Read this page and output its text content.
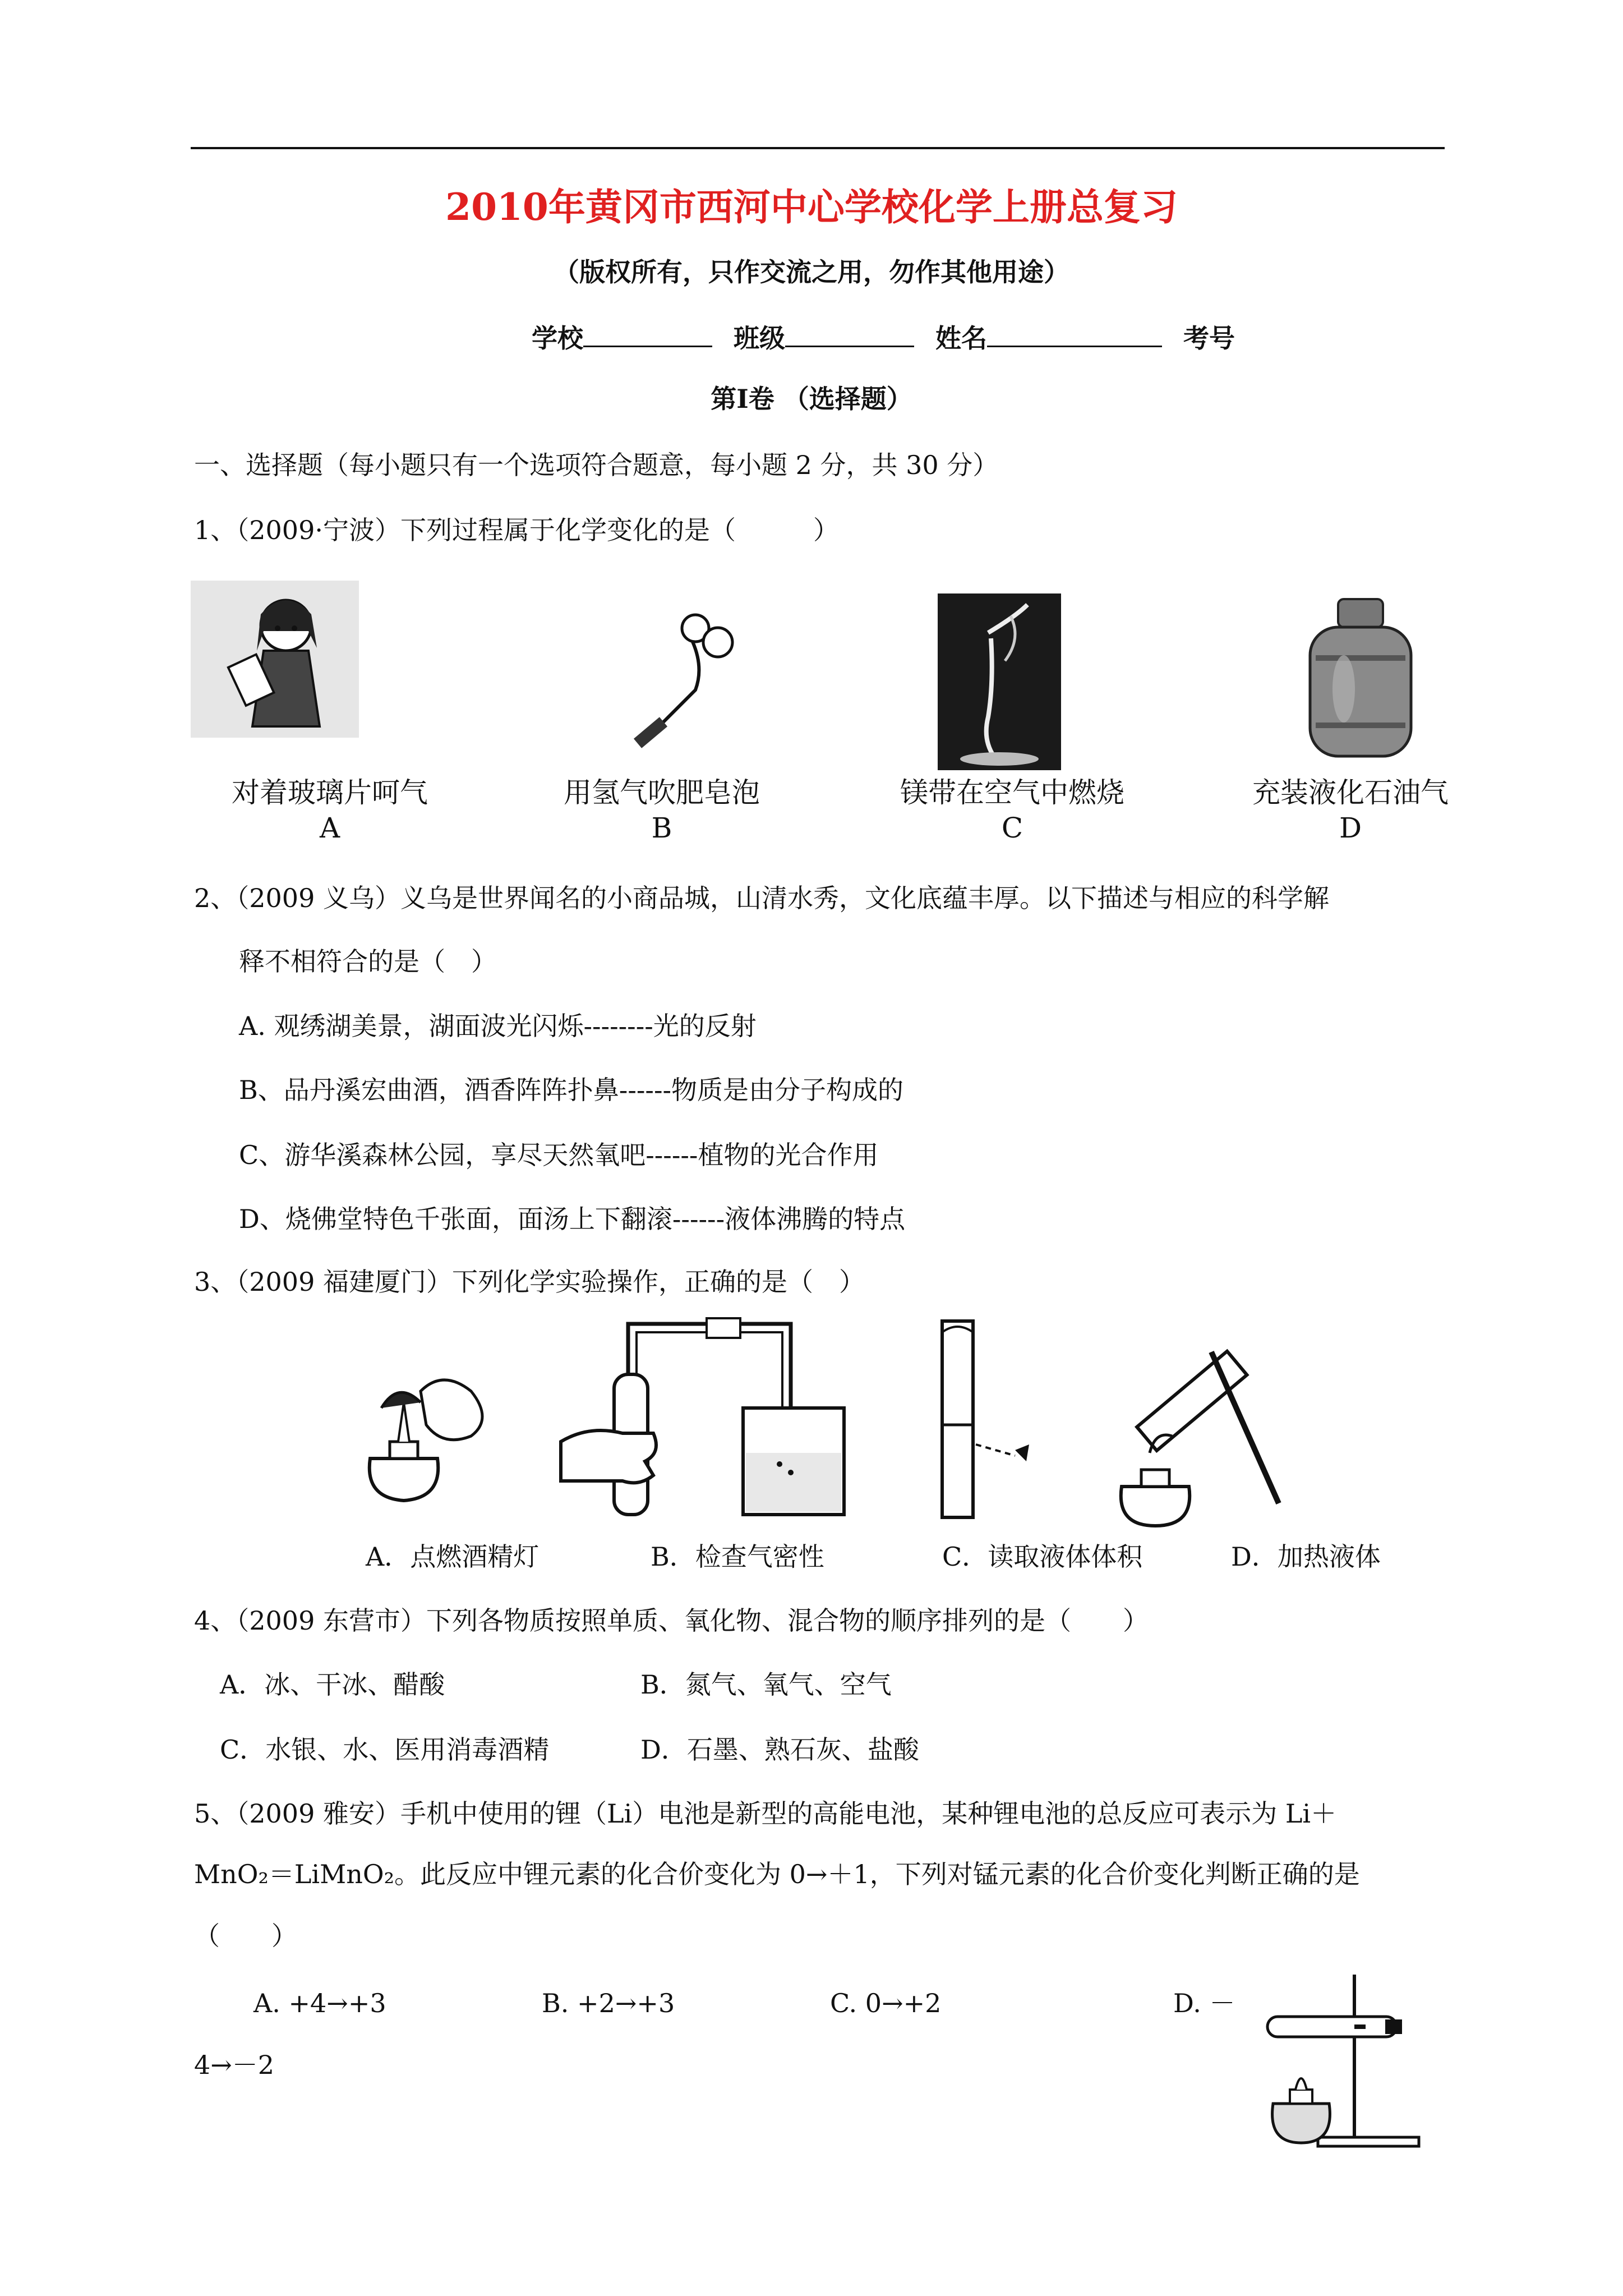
2010年黄冈市西河中心学校化学上册总复习
（版权所有，只作交流之用，勿作其他用途）
学校	班级	姓名	考号
第Ⅰ卷 （选择题）
一、选择题（每小题只有一个选项符合题意，每小题 2 分，共 30 分）
1、（2009·宁波）下列过程属于化学变化的是（　　　）
对着玻璃片呵气
A
用氢气吹肥皂泡
B
镁带在空气中燃烧
C
充装液化石油气
D
2、（2009 义乌）义乌是世界闻名的小商品城，山清水秀，文化底蕴丰厚。以下描述与相应的科学解
释不相符合的是（　）
A. 观绣湖美景，湖面波光闪烁--------光的反射
B、品丹溪宏曲酒，酒香阵阵扑鼻------物质是由分子构成的
C、游华溪森林公园，享尽天然氧吧------植物的光合作用
D、烧佛堂特色千张面，面汤上下翻滚------液体沸腾的特点
3、（2009 福建厦门）下列化学实验操作，正确的是（　）
A．点燃酒精灯	B．检查气密性	C．读取液体体积	D．加热液体
4、（2009 东营市）下列各物质按照单质、氧化物、混合物的顺序排列的是（　　）
A．冰、干冰、醋酸	B．氮气、氧气、空气
C．水银、水、医用消毒酒精	D．石墨、熟石灰、盐酸
5、（2009 雅安）手机中使用的锂（Li）电池是新型的高能电池，某种锂电池的总反应可表示为 Li＋
MnO₂＝LiMnO₂。此反应中锂元素的化合价变化为 0→＋1，下列对锰元素的化合价变化判断正确的是
（　　）
A. +4→+3	B. +2→+3	C. 0→+2	D. －
4→－2
